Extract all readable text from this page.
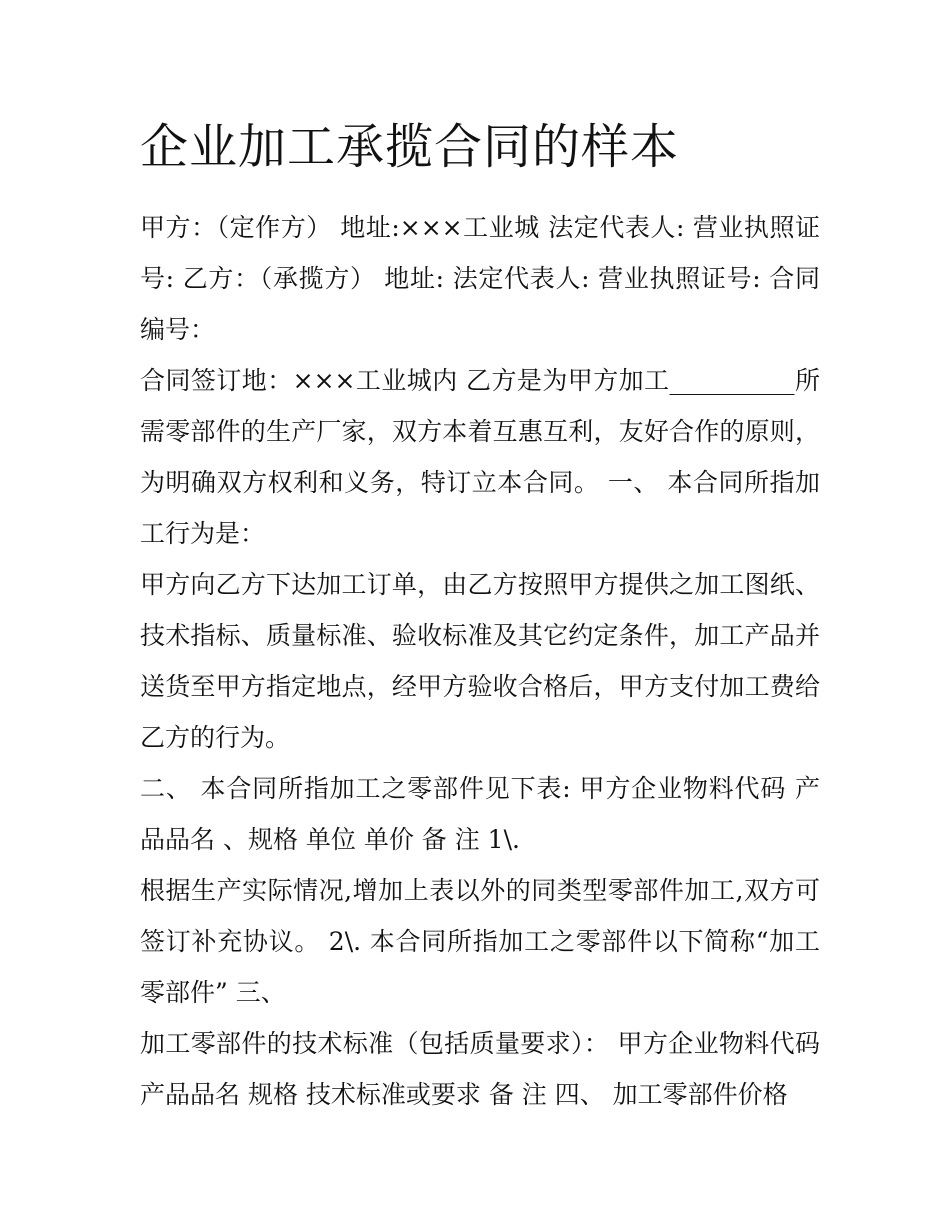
企业加工承揽合同的样本

甲方：（定作方） 地址:×××工业城 法定代表人: 营业执照证号: 乙方：（承揽方） 地址: 法定代表人: 营业执照证号: 合同编号：

合同签订地：×××工业城内 乙方是为甲方加工__________所需零部件的生产厂家，双方本着互惠互利，友好合作的原则，为明确双方权利和义务，特订立本合同。 一、 本合同所指加工行为是：

甲方向乙方下达加工订单，由乙方按照甲方提供之加工图纸、技术指标、质量标准、验收标准及其它约定条件，加工产品并送货至甲方指定地点，经甲方验收合格后，甲方支付加工费给乙方的行为。

二、 本合同所指加工之零部件见下表: 甲方企业物料代码 产品品名 、规格 单位 单价 备 注 1\.

根据生产实际情况,增加上表以外的同类型零部件加工,双方可签订补充协议。 2\. 本合同所指加工之零部件以下简称“加工零部件” 三、

加工零部件的技术标准（包括质量要求）： 甲方企业物料代码 产品品名 规格 技术标准或要求 备 注 四、 加工零部件价格
